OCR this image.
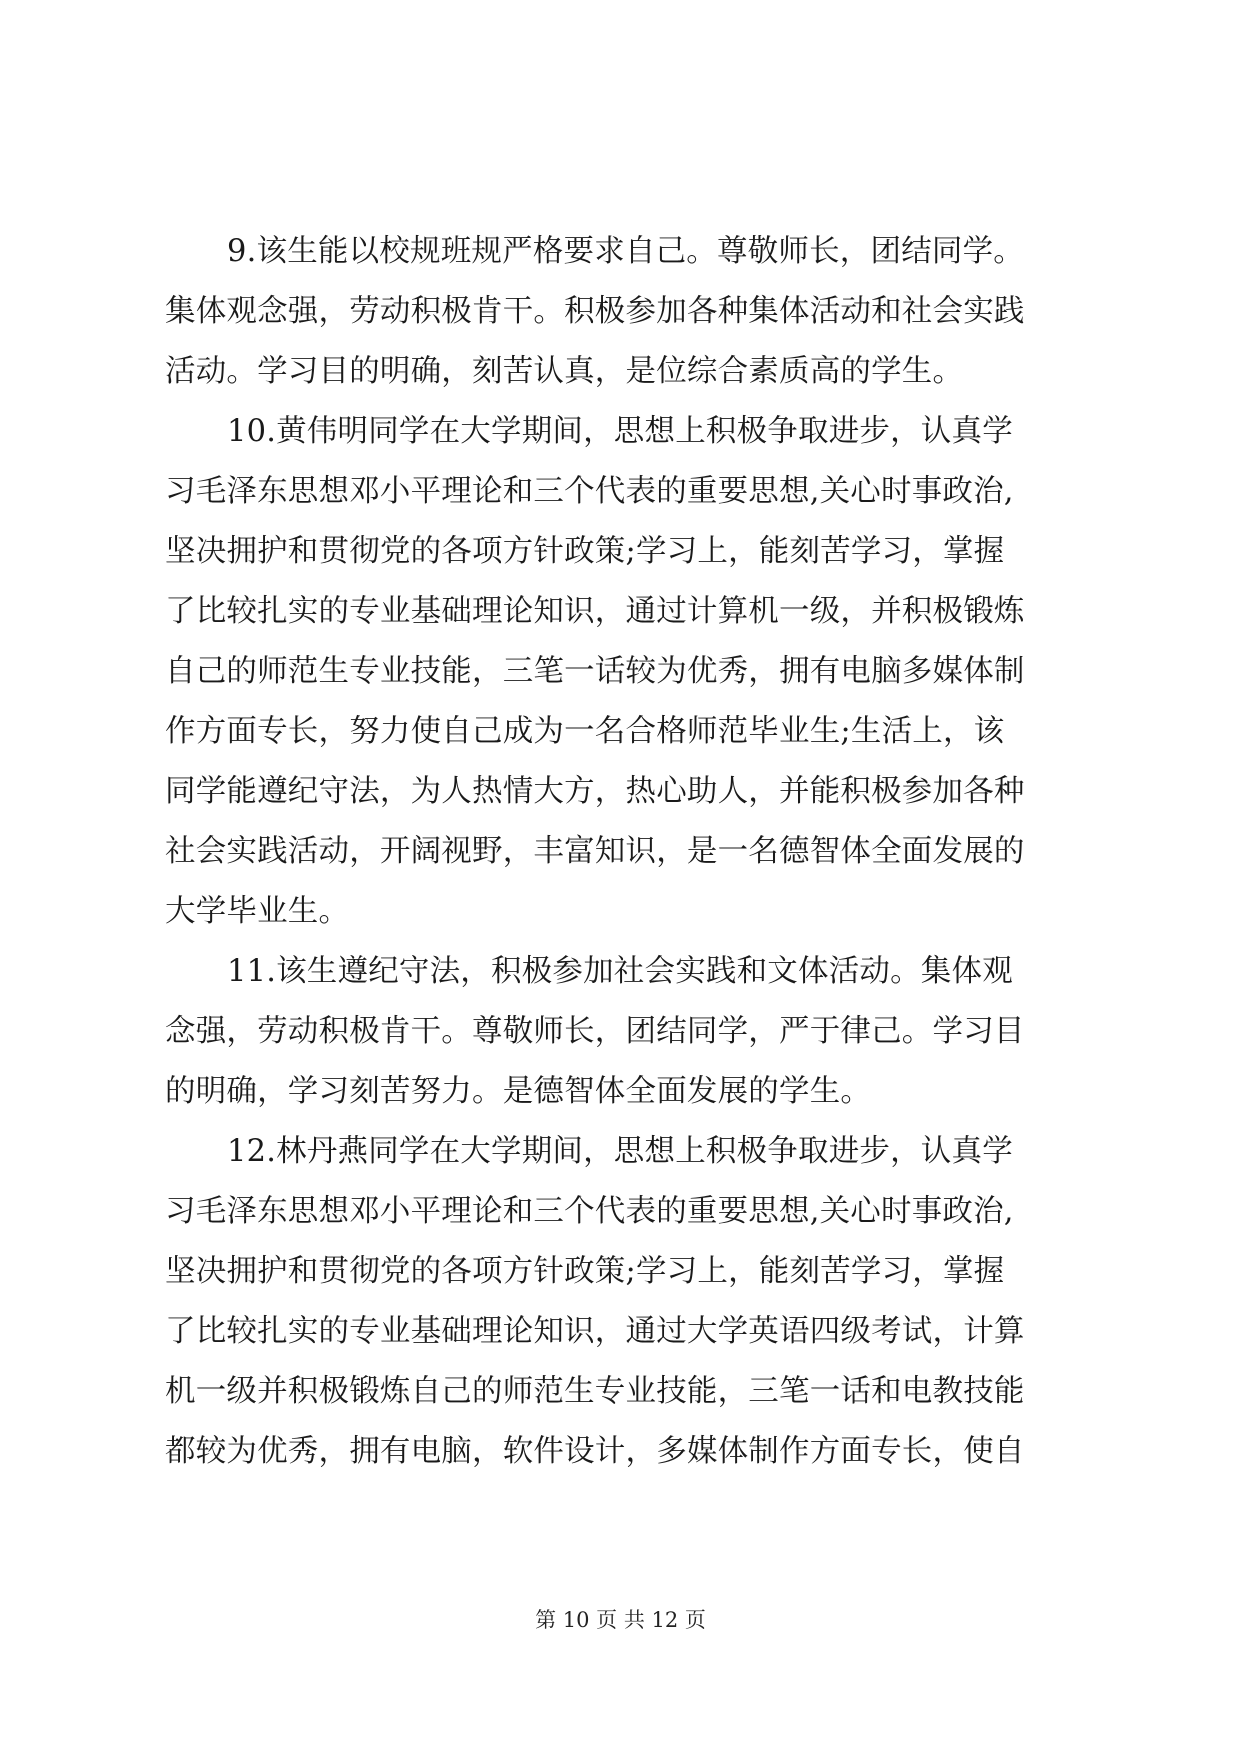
9.该生能以校规班规严格要求自己。尊敬师长，团结同学。
集体观念强，劳动积极肯干。积极参加各种集体活动和社会实践
活动。学习目的明确，刻苦认真，是位综合素质高的学生。
10.黄伟明同学在大学期间，思想上积极争取进步，认真学
习毛泽东思想邓小平理论和三个代表的重要思想,关心时事政治,
坚决拥护和贯彻党的各项方针政策;学习上，能刻苦学习，掌握
了比较扎实的专业基础理论知识，通过计算机一级，并积极锻炼
自己的师范生专业技能，三笔一话较为优秀，拥有电脑多媒体制
作方面专长，努力使自己成为一名合格师范毕业生;生活上，该
同学能遵纪守法，为人热情大方，热心助人，并能积极参加各种
社会实践活动，开阔视野，丰富知识，是一名德智体全面发展的
大学毕业生。
11.该生遵纪守法，积极参加社会实践和文体活动。集体观
念强，劳动积极肯干。尊敬师长，团结同学，严于律己。学习目
的明确，学习刻苦努力。是德智体全面发展的学生。
12.林丹燕同学在大学期间，思想上积极争取进步，认真学
习毛泽东思想邓小平理论和三个代表的重要思想,关心时事政治,
坚决拥护和贯彻党的各项方针政策;学习上，能刻苦学习，掌握
了比较扎实的专业基础理论知识，通过大学英语四级考试，计算
机一级并积极锻炼自己的师范生专业技能，三笔一话和电教技能
都较为优秀，拥有电脑，软件设计，多媒体制作方面专长，使自
第 10 页 共 12 页
